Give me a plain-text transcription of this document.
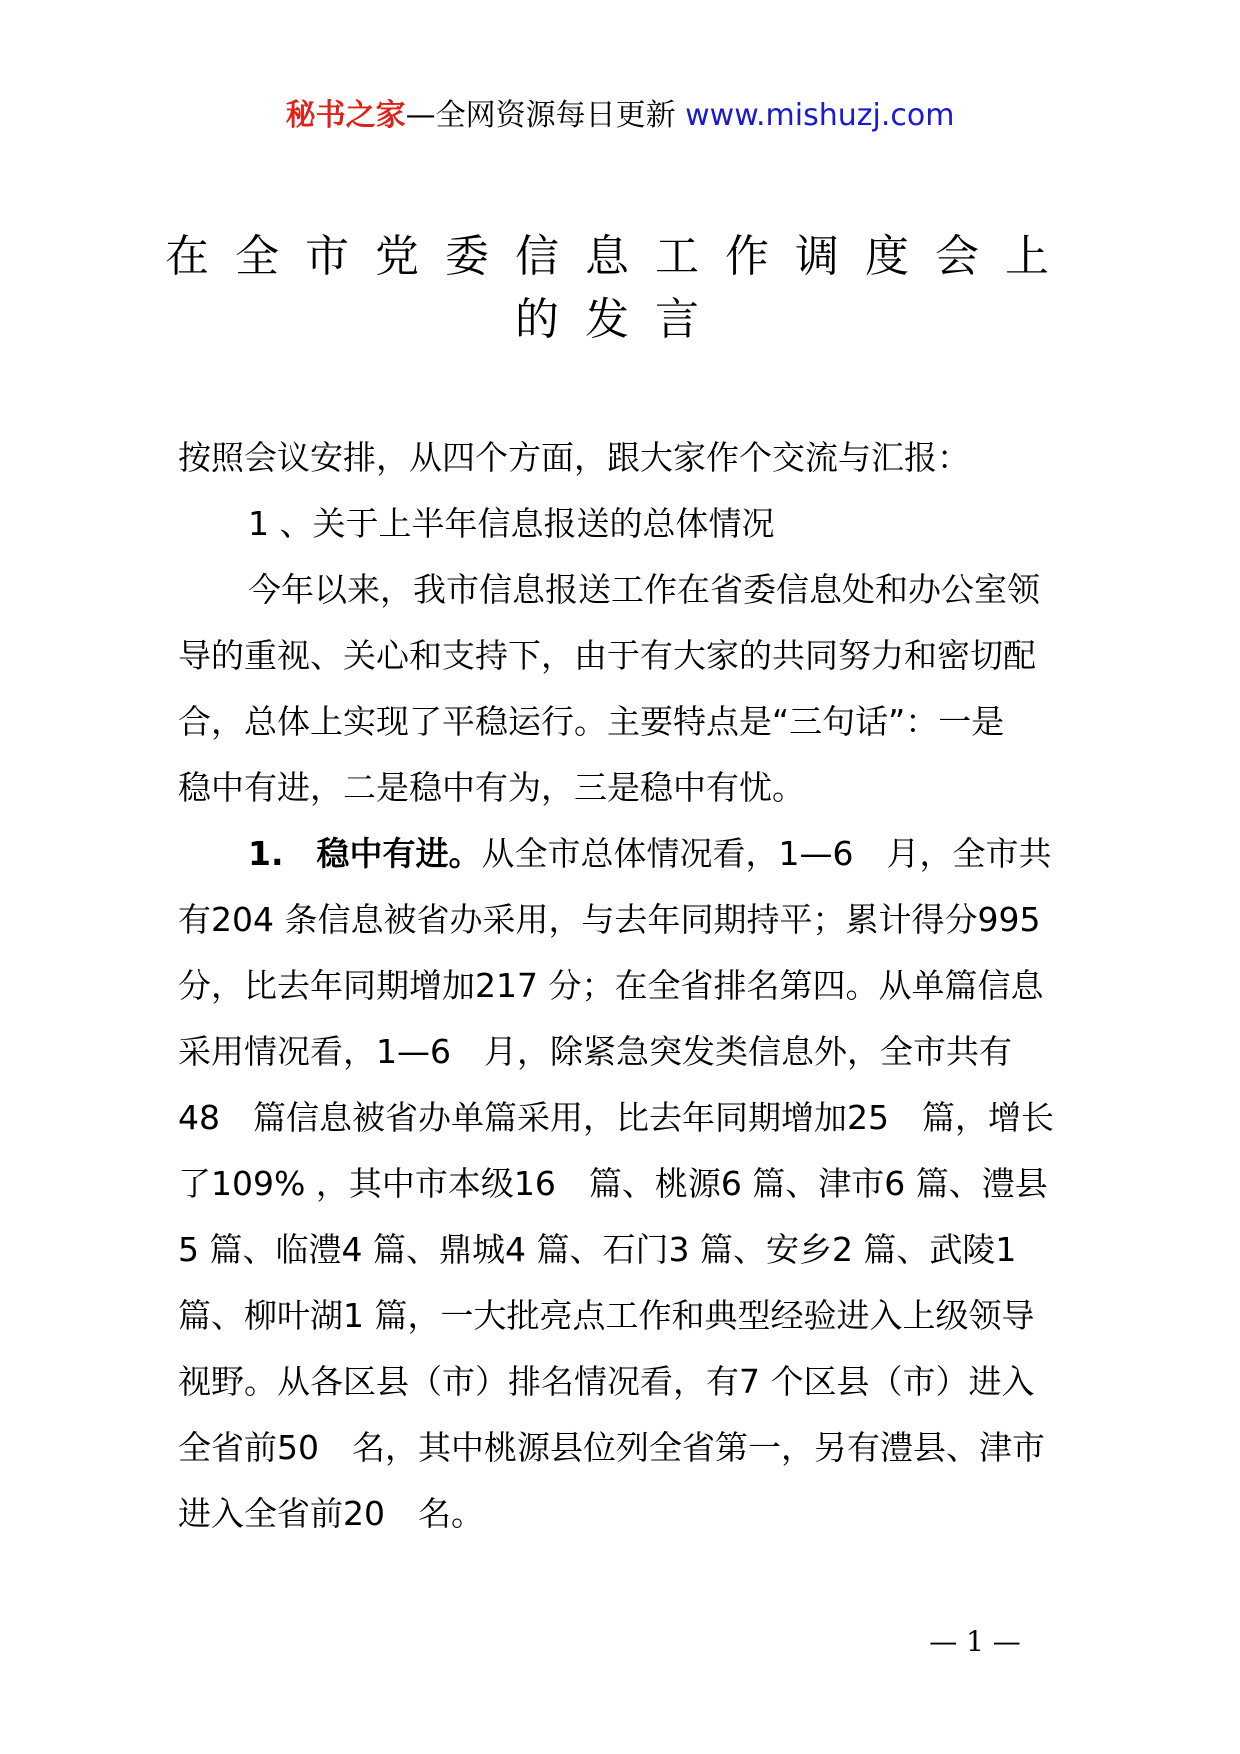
秘书之家—全网资源每日更新 www.mishuzj.com
在全市党委信息工作调度会上
的发言
按照会议安排，从四个方面，跟大家作个交流与汇报：
1 、关于上半年信息报送的总体情况
今年以来，我市信息报送工作在省委信息处和办公室领
导的重视、关心和支持下，由于有大家的共同努力和密切配
合，总体上实现了平稳运行。主要特点是“三句话”：一是
稳中有进，二是稳中有为，三是稳中有忧。
1.　稳中有进。从全市总体情况看，1—6　月，全市共
有204 条信息被省办采用，与去年同期持平；累计得分995
分，比去年同期增加217 分；在全省排名第四。从单篇信息
采用情况看，1—6　月，除紧急突发类信息外，全市共有
48　篇信息被省办单篇采用，比去年同期增加25　篇，增长
了109% ，其中市本级16　篇、桃源6 篇、津市6 篇、澧县
5 篇、临澧4 篇、鼎城4 篇、石门3 篇、安乡2 篇、武陵1
篇、柳叶湖1 篇，一大批亮点工作和典型经验进入上级领导
视野。从各区县（市）排名情况看，有7 个区县（市）进入
全省前50　名，其中桃源县位列全省第一，另有澧县、津市
进入全省前20　名。
— 1 —
